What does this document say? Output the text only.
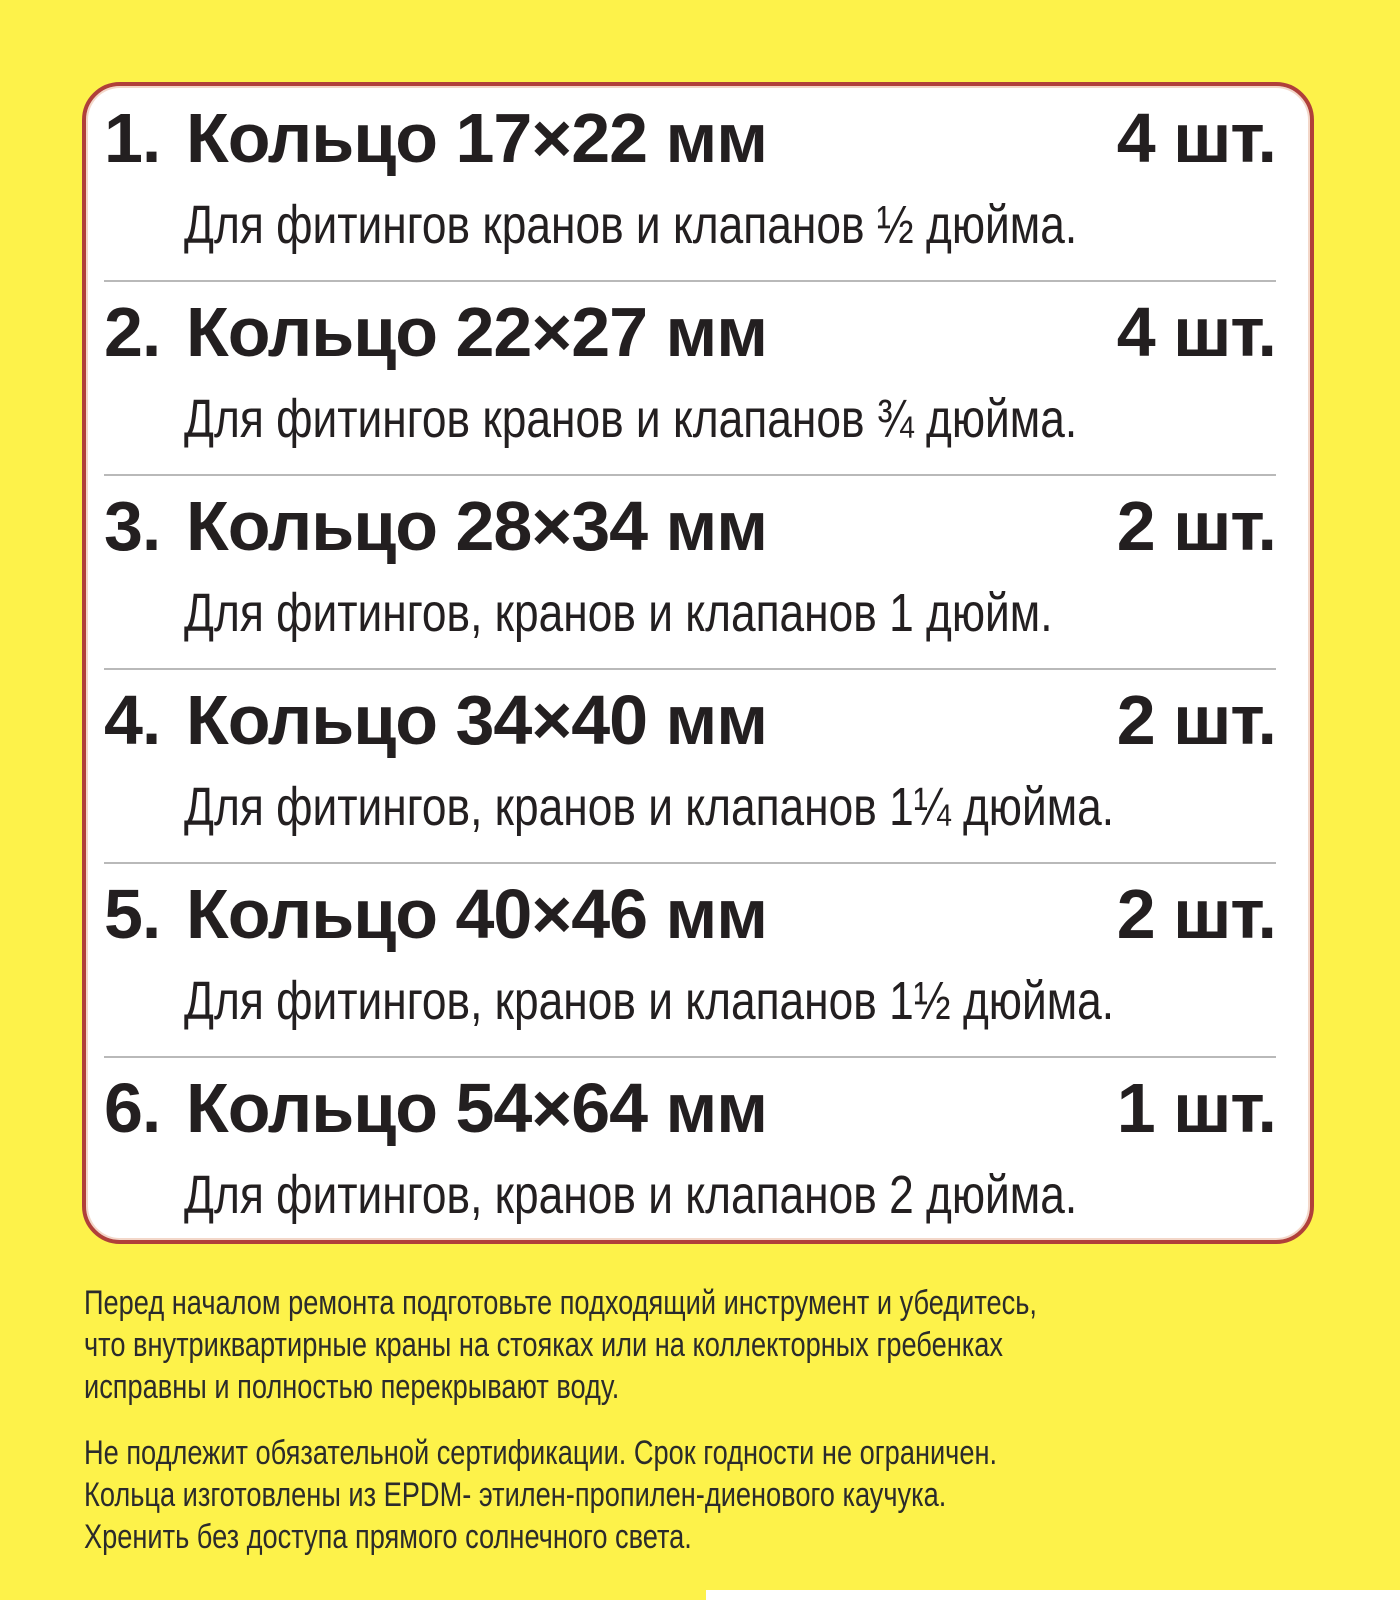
1. Кольцо 17×22 мм	4 шт.
Для фитингов кранов и клапанов ½ дюйма.
2. Кольцо 22×27 мм	4 шт.
Для фитингов кранов и клапанов ¾ дюйма.
3. Кольцо 28×34 мм	2 шт.
Для фитингов, кранов и клапанов 1 дюйм.
4. Кольцо 34×40 мм	2 шт.
Для фитингов, кранов и клапанов 1¼ дюйма.
5. Кольцо 40×46 мм	2 шт.
Для фитингов, кранов и клапанов 1½ дюйма.
6. Кольцо 54×64 мм	1 шт.
Для фитингов, кранов и клапанов 2 дюйма.
Перед началом ремонта подготовьте подходящий инструмент и убедитесь,
что внутриквартирные краны на стояках или на коллекторных гребенках
исправны и полностью перекрывают воду.
Не подлежит обязательной сертификации. Срок годности не ограничен.
Кольца изготовлены из EPDM- этилен-пропилен-диенового каучука.
Хренить без доступа прямого солнечного света.
